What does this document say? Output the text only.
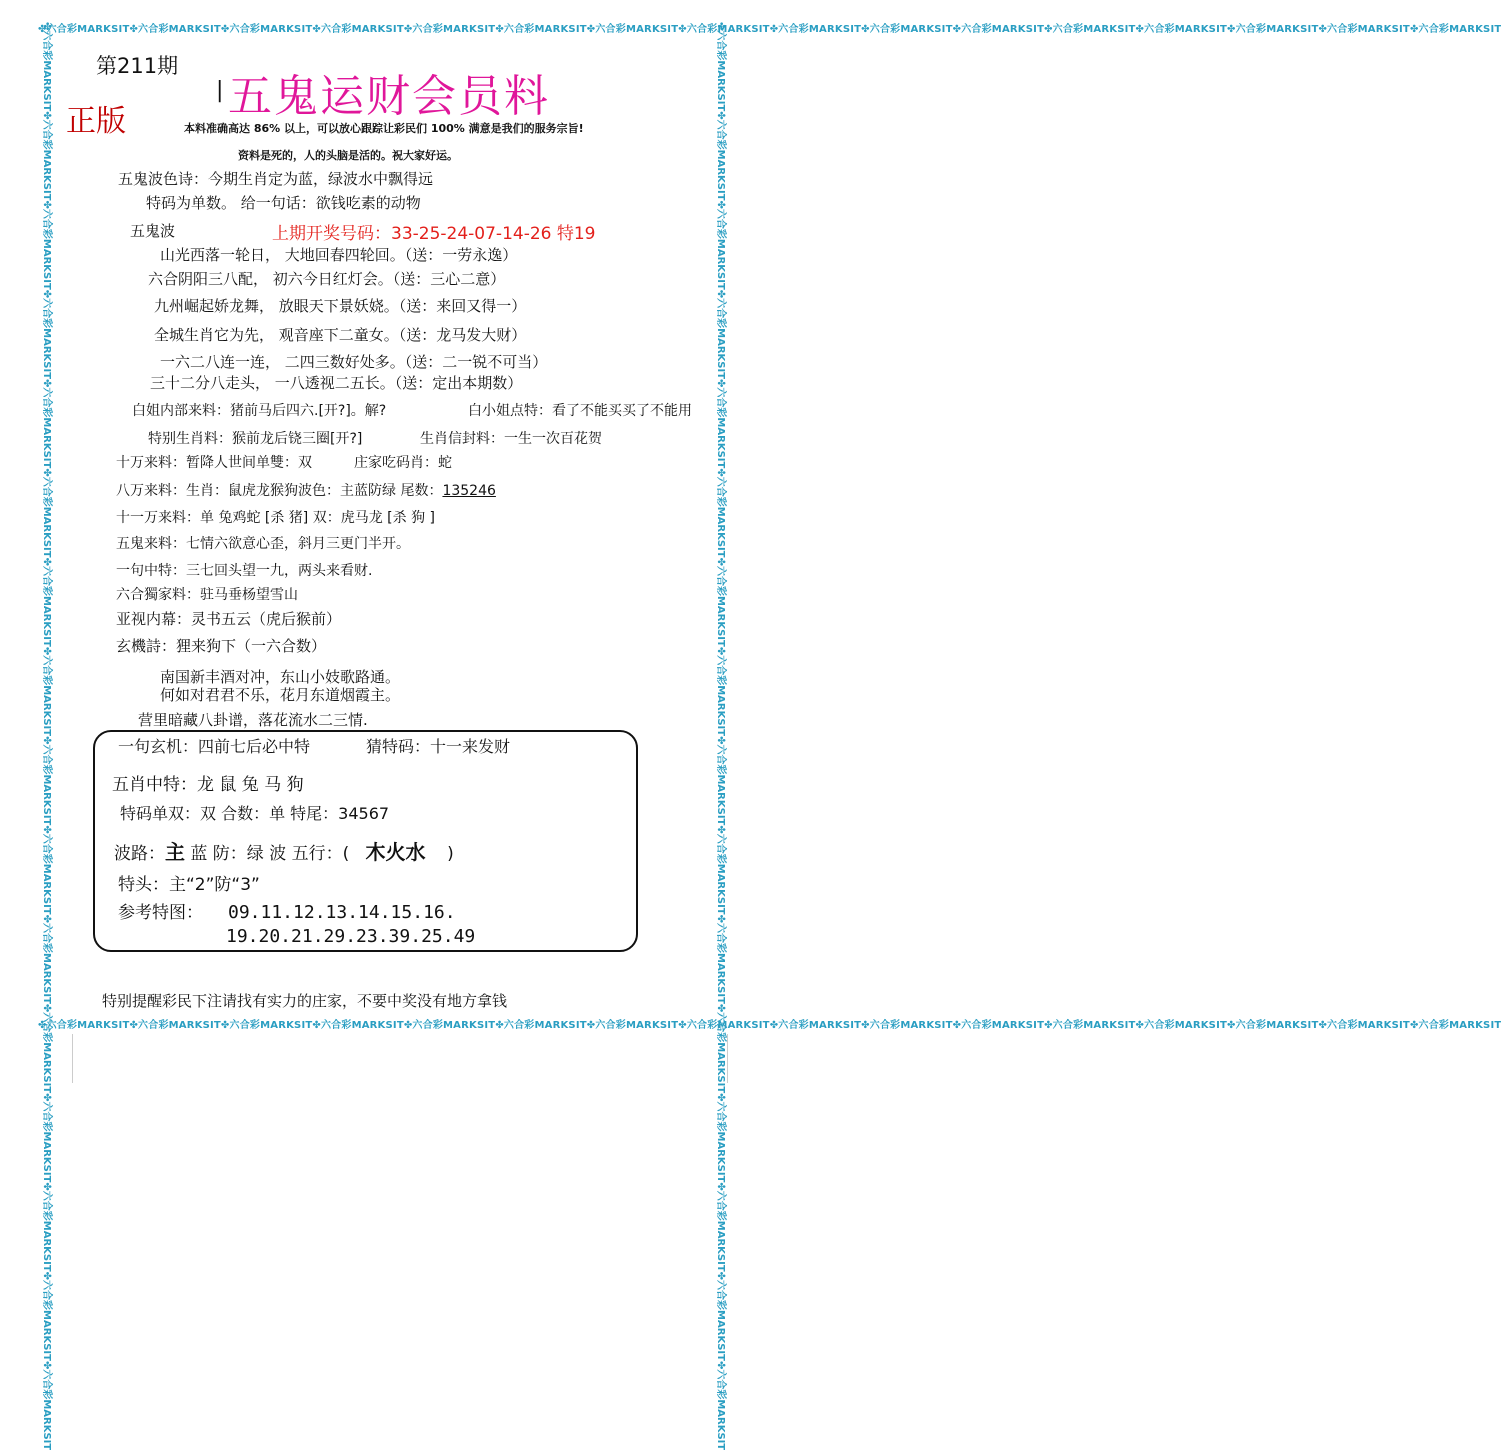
✤六合彩MARKSIT✤六合彩MARKSIT✤六合彩MARKSIT✤六合彩MARKSIT✤六合彩MARKSIT✤六合彩MARKSIT✤六合彩MARKSIT✤六合彩MARKSIT✤六合彩MARKSIT✤六合彩MARKSIT✤六合彩MARKSIT✤六合彩MARKSIT✤六合彩MARKSIT✤六合彩MARKSIT✤六合彩MARKSIT✤六合彩MARKSIT
✤六合彩MARKSIT✤六合彩MARKSIT✤六合彩MARKSIT✤六合彩MARKSIT✤六合彩MARKSIT✤六合彩MARKSIT✤六合彩MARKSIT✤六合彩MARKSIT✤六合彩MARKSIT✤六合彩MARKSIT✤六合彩MARKSIT✤六合彩MARKSIT✤六合彩MARKSIT✤六合彩MARKSIT✤六合彩MARKSIT✤六合彩MARKSIT
✤六合彩MARKSIT✤六合彩MARKSIT✤六合彩MARKSIT✤六合彩MARKSIT✤六合彩MARKSIT✤六合彩MARKSIT✤六合彩MARKSIT✤六合彩MARKSIT✤六合彩MARKSIT✤六合彩MARKSIT✤六合彩MARKSIT✤六合彩MARKSIT✤六合彩MARKSIT✤六合彩MARKSIT✤六合彩MARKSIT✤六合彩MARKSIT	✤六合彩MARKSIT✤六合彩MARKSIT✤六合彩MARKSIT✤六合彩MARKSIT✤六合彩MARKSIT✤六合彩MARKSIT✤六合彩MARKSIT✤六合彩MARKSIT✤六合彩MARKSIT✤六合彩MARKSIT✤六合彩MARKSIT✤六合彩MARKSIT✤六合彩MARKSIT✤六合彩MARKSIT✤六合彩MARKSIT✤六合彩MARKSIT
第211期
正版
| 五鬼运财会员料
本料准确高达 86% 以上，可以放心跟踪让彩民们 100% 满意是我们的服务宗旨!
资料是死的，人的头脑是活的。祝大家好运。
五鬼波色诗：今期生肖定为蓝，绿波水中飘得远
特码为单数。 给一句话：欲钱吃素的动物
五鬼波	上期开奖号码：33-25-24-07-14-26 特19
山光西落一轮日， 大地回春四轮回。（送：一劳永逸）
六合阴阳三八配， 初六今日红灯会。（送：三心二意）
九州崛起娇龙舞， 放眼天下景妖娆。（送：来回又得一）
全城生肖它为先， 观音座下二童女。（送：龙马发大财）
一六二八连一连， 二四三数好处多。（送：二一锐不可当）
三十二分八走头， 一八透视二五长。（送：定出本期数）
白姐内部来料：猪前马后四六.[开?]。解?	白小姐点特：看了不能买买了不能用
特别生肖料：猴前龙后铙三圈[开?]	生肖信封料：一生一次百花贺
十万来料：暂降人世间单雙：双	庄家吃码肖：蛇
八万来料：生肖：鼠虎龙猴狗波色：主蓝防绿 尾数：135246
十一万来料：单 兔鸡蛇 [杀 猪] 双：虎马龙 [杀 狗 ]
五鬼来料：七情六欲意心歪，斜月三更门半开。
一句中特：三七回头望一九，两头来看财.
六合獨家料：驻马垂杨望雪山
亚视内幕：灵书五云（虎后猴前）
玄機詩：狸来狗下（一六合数）
南国新丰酒对冲，东山小妓歌路通。
何如对君君不乐，花月东道烟霞主。
营里暗藏八卦谱，落花流水二三情.
一句玄机：四前七后必中特	猜特码：十一来发财
五肖中特：龙 鼠 兔 马 狗
特码单双：双 合数：单 特尾：34567
波路：主 蓝 防：绿 波 五行：( 木火水 )
特头：主“2”防“3”
参考特图： 09.11.12.13.14.15.16.
19.20.21.29.23.39.25.49
特别提醒彩民下注请找有实力的庄家，不要中奖没有地方拿钱
